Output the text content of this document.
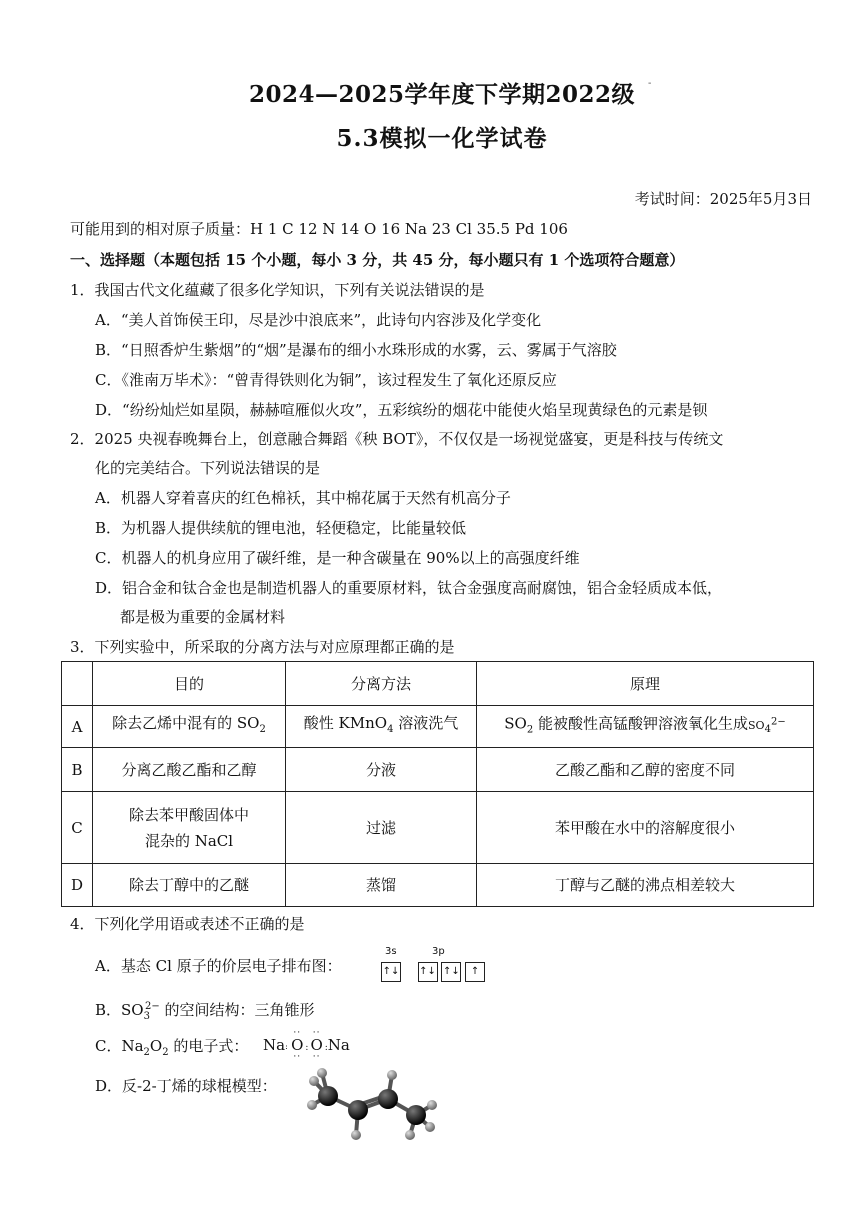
2024—2025学年度下学期2022级	-
5.3模拟一化学试卷
考试时间：2025年5月3日
可能用到的相对原子质量：H 1 C 12 N 14 O 16 Na 23 Cl 35.5 Pd 106
一、选择题（本题包括 15 个小题，每小 3 分，共 45 分，每小题只有 1 个选项符合题意）
1．我国古代文化蕴藏了很多化学知识，下列有关说法错误的是
A．“美人首饰侯王印，尽是沙中浪底来”，此诗句内容涉及化学变化
B．“日照香炉生紫烟”的“烟”是瀑布的细小水珠形成的水雾，云、雾属于气溶胶
C．《淮南万毕术》：“曾青得铁则化为铜”，该过程发生了氧化还原反应
D．“纷纷灿烂如星陨，赫赫喧雁似火攻”，五彩缤纷的烟花中能使火焰呈现黄绿色的元素是钡
2．2025 央视春晚舞台上，创意融合舞蹈《秧 BOT》，不仅仅是一场视觉盛宴，更是科技与传统文
化的完美结合。下列说法错误的是
A．机器人穿着喜庆的红色棉袄，其中棉花属于天然有机高分子
B．为机器人提供续航的锂电池，轻便稳定，比能量较低
C．机器人的机身应用了碳纤维，是一种含碳量在 90%以上的高强度纤维
D．铝合金和钛合金也是制造机器人的重要原材料，钛合金强度高耐腐蚀，铝合金轻质成本低，
都是极为重要的金属材料
3．下列实验中，所采取的分离方法与对应原理都正确的是
	目的	分离方法	原理
A	除去乙烯中混有的 $SO_2$	酸性 KMnO$_4$ 溶液洗气	$SO_2$ 能被酸性高锰酸钾溶液氧化生成$SO_4^{2-}$
B	分离乙酸乙酯和乙醇	分液	乙酸乙酯和乙醇的密度不同
C	除去苯甲酸固体中
混杂的 NaCl	过滤	苯甲酸在水中的溶解度很小
D	除去丁醇中的乙醚	蒸馏	丁醇与乙醚的沸点相差较大
4．下列化学用语或表述不正确的是
A．基态 Cl 原子的价层电子排布图：
3s	3p
↑↓ ↑↓ ↑↓ ↑
B．$SO_3^{2-}$ 的空间结构：三角锥形
C．$Na_2O_2$ 的电子式： Na :
··
O
··
:
··
O
··
:Na
D．反-2-丁烯的球棍模型：
